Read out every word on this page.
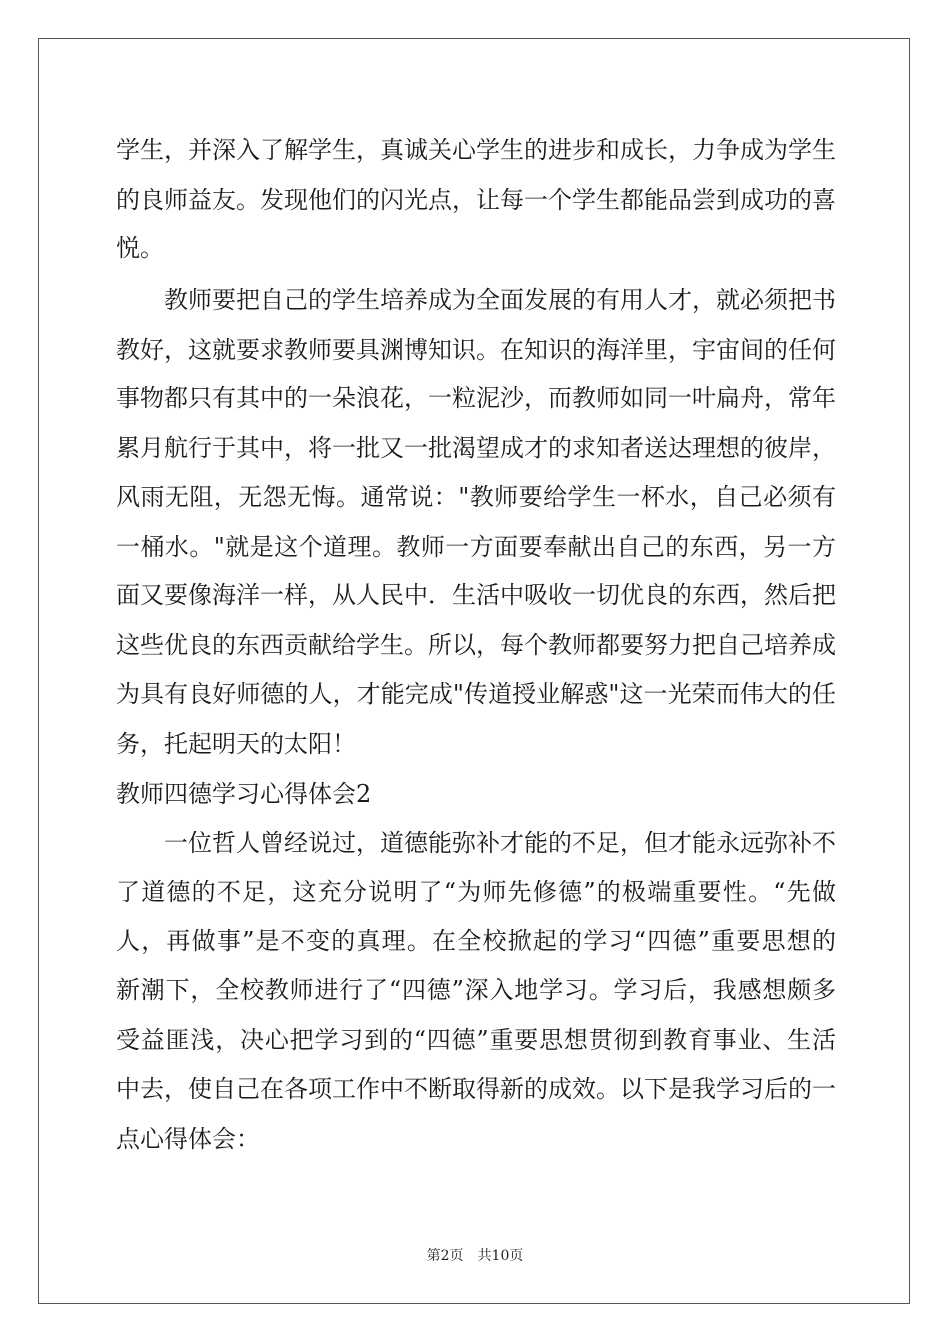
学生，并深入了解学生，真诚关心学生的进步和成长，力争成为学生
的良师益友。发现他们的闪光点，让每一个学生都能品尝到成功的喜
悦。
教师要把自己的学生培养成为全面发展的有用人才，就必须把书
教好，这就要求教师要具渊博知识。在知识的海洋里，宇宙间的任何
事物都只有其中的一朵浪花，一粒泥沙，而教师如同一叶扁舟，常年
累月航行于其中，将一批又一批渴望成才的求知者送达理想的彼岸，
风雨无阻，无怨无悔。通常说："教师要给学生一杯水，自己必须有
一桶水。"就是这个道理。教师一方面要奉献出自己的东西，另一方
面又要像海洋一样，从人民中．生活中吸收一切优良的东西，然后把
这些优良的东西贡献给学生。所以，每个教师都要努力把自己培养成
为具有良好师德的人，才能完成"传道授业解惑"这一光荣而伟大的任
务，托起明天的太阳！
教师四德学习心得体会2
一位哲人曾经说过，道德能弥补才能的不足，但才能永远弥补不
了道德的不足，这充分说明了“为师先修德”的极端重要性。“先做
人，再做事”是不变的真理。在全校掀起的学习“四德”重要思想的
新潮下，全校教师进行了“四德”深入地学习。学习后，我感想颇多
受益匪浅，决心把学习到的“四德”重要思想贯彻到教育事业、生活
中去，使自己在各项工作中不断取得新的成效。以下是我学习后的一
点心得体会：
第2页 共10页
